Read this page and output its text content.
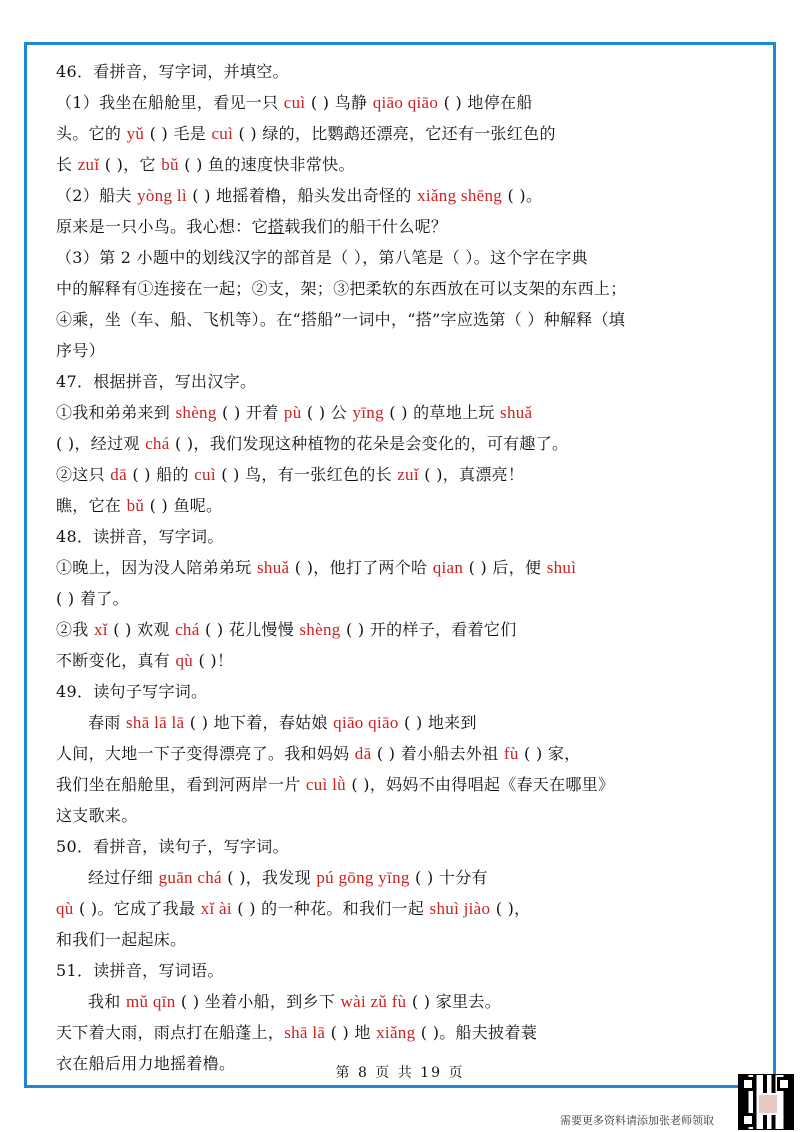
46．看拼音，写字词，并填空。
（1）我坐在船舱里，看见一只 cuì ( ) 鸟静 qiāo qiāo ( ) 地停在船
头。它的 yǔ ( ) 毛是 cuì ( ) 绿的，比鹦鹉还漂亮，它还有一张红色的
长 zuǐ ( )，它 bǔ ( ) 鱼的速度快非常快。
（2）船夫 yòng lì ( ) 地摇着橹，船头发出奇怪的 xiǎng shēng ( )。
原来是一只小鸟。我心想：它搭载我们的船干什么呢？
（3）第 2 小题中的划线汉字的部首是（ ），第八笔是（ ）。这个字在字典
中的解释有①连接在一起；②支，架；③把柔软的东西放在可以支架的东西上；
④乘，坐（车、船、飞机等）。在“搭船”一词中，“搭”字应选第（ ）种解释（填
序号）
47．根据拼音，写出汉字。
①我和弟弟来到 shèng ( ) 开着 pù ( ) 公 yīng ( ) 的草地上玩 shuǎ
( )，经过观 chá ( )，我们发现这种植物的花朵是会变化的，可有趣了。
②这只 dā ( ) 船的 cuì ( ) 鸟，有一张红色的长 zuǐ ( )，真漂亮！
瞧，它在 bǔ ( ) 鱼呢。
48．读拼音，写字词。
①晚上，因为没人陪弟弟玩 shuǎ ( )，他打了两个哈 qian ( ) 后，便 shuì
( ) 着了。
②我 xǐ ( ) 欢观 chá ( ) 花儿慢慢 shèng ( ) 开的样子，看着它们
不断变化，真有 qù ( )！
49．读句子写字词。
春雨 shā lā lā ( ) 地下着，春姑娘 qiāo qiāo ( ) 地来到
人间，大地一下子变得漂亮了。我和妈妈 dā ( ) 着小船去外祖 fù ( ) 家，
我们坐在船舱里，看到河两岸一片 cuì lǜ ( )，妈妈不由得唱起《春天在哪里》
这支歌来。
50．看拼音，读句子，写字词。
经过仔细 guān chá ( )，我发现 pú gōng yīng ( ) 十分有
qù ( )。它成了我最 xǐ ài ( ) 的一种花。和我们一起 shuì jiào ( )，
和我们一起起床。
51．读拼音，写词语。
我和 mǔ qīn ( ) 坐着小船，到乡下 wài zǔ fù ( ) 家里去。
天下着大雨，雨点打在船蓬上，shā lā ( ) 地 xiǎng ( )。船夫披着蓑
衣在船后用力地摇着橹。	第 8 页 共 19 页
需要更多资料请添加张老师领取
